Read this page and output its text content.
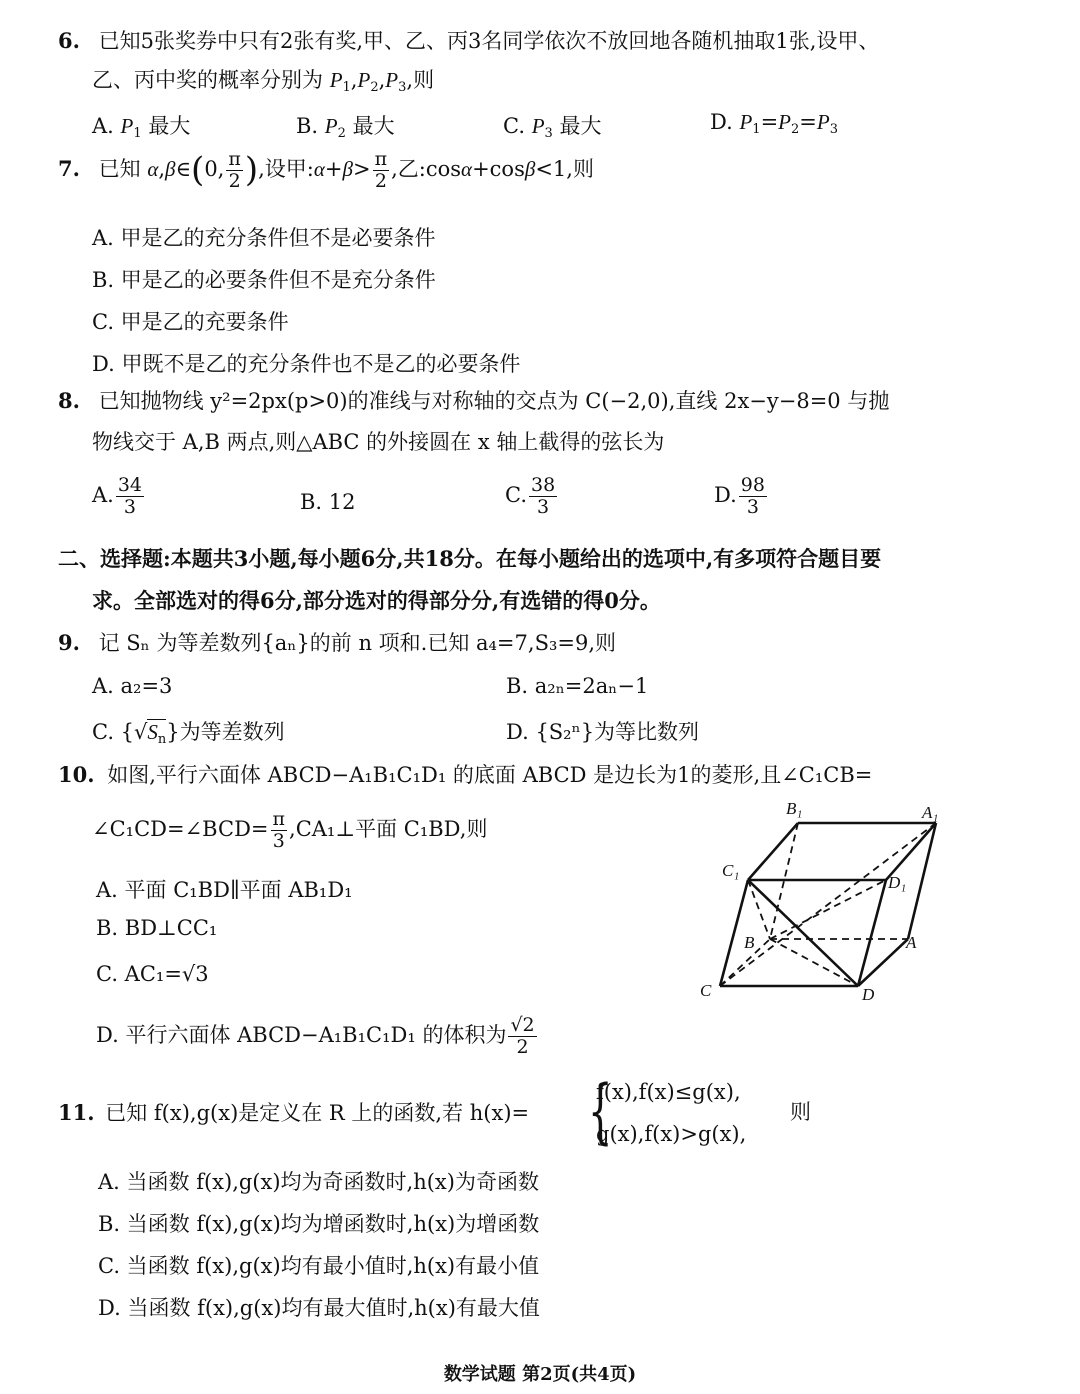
6. 已知5张奖券中只有2张有奖,甲、乙、丙3名同学依次不放回地各随机抽取1张,设甲、
乙、丙中奖的概率分别为 $P_1,P_2,P_3$,则
A. $P_1$ 最大	B. $P_2$ 最大	C. $P_3$ 最大	D. $P_1=P_2=P_3$
7. 已知 α,β∈(0, $\frac{\pi}{2}$ ),设甲:α+β> $\frac{\pi}{2}$ ,乙:cosα+cosβ<1,则
A. 甲是乙的充分条件但不是必要条件
B. 甲是乙的必要条件但不是充分条件
C. 甲是乙的充要条件
D. 甲既不是乙的充分条件也不是乙的必要条件
8. 已知抛物线 y²=2px(p>0)的准线与对称轴的交点为 C(−2,0),直线 2x−y−8=0 与抛
物线交于 A,B 两点,则△ABC 的外接圆在 x 轴上截得的弦长为
A. $\frac{34}{3}$	B. 12	C. $\frac{38}{3}$	D. $\frac{98}{3}$
二、选择题:本题共3小题,每小题6分,共18分。在每小题给出的选项中,有多项符合题目要
求。全部选对的得6分,部分选对的得部分分,有选错的得0分。
9. 记 Sₙ 为等差数列{aₙ}的前 n 项和.已知 a₄=7,S₃=9,则
A. a₂=3	B. a₂ₙ=2aₙ−1
C. $\{√S_n\}$为等差数列	D. {S₂ⁿ}为等比数列
10. 如图,平行六面体 ABCD−A₁B₁C₁D₁ 的底面 ABCD 是边长为1的菱形,且∠C₁CB=
∠C₁CD=∠BCD= $\frac{\pi}{3}$ ,CA₁⊥平面 C₁BD,则
A. 平面 C₁BD∥平面 AB₁D₁
B. BD⊥CC₁
C. AC₁=√3
D. 平行六面体 ABCD−A₁B₁C₁D₁ 的体积为 $\frac{√2}{2}$
B₁	A₁
C₁
D₁
B	A
C	D
11. 已知 f(x),g(x)是定义在 R 上的函数,若 h(x)= {
f(x),f(x)≤g(x),
g(x),f(x)>g(x),
则
A. 当函数 f(x),g(x)均为奇函数时,h(x)为奇函数
B. 当函数 f(x),g(x)均为增函数时,h(x)为增函数
C. 当函数 f(x),g(x)均有最小值时,h(x)有最小值
D. 当函数 f(x),g(x)均有最大值时,h(x)有最大值
数学试题 第2页(共4页)
